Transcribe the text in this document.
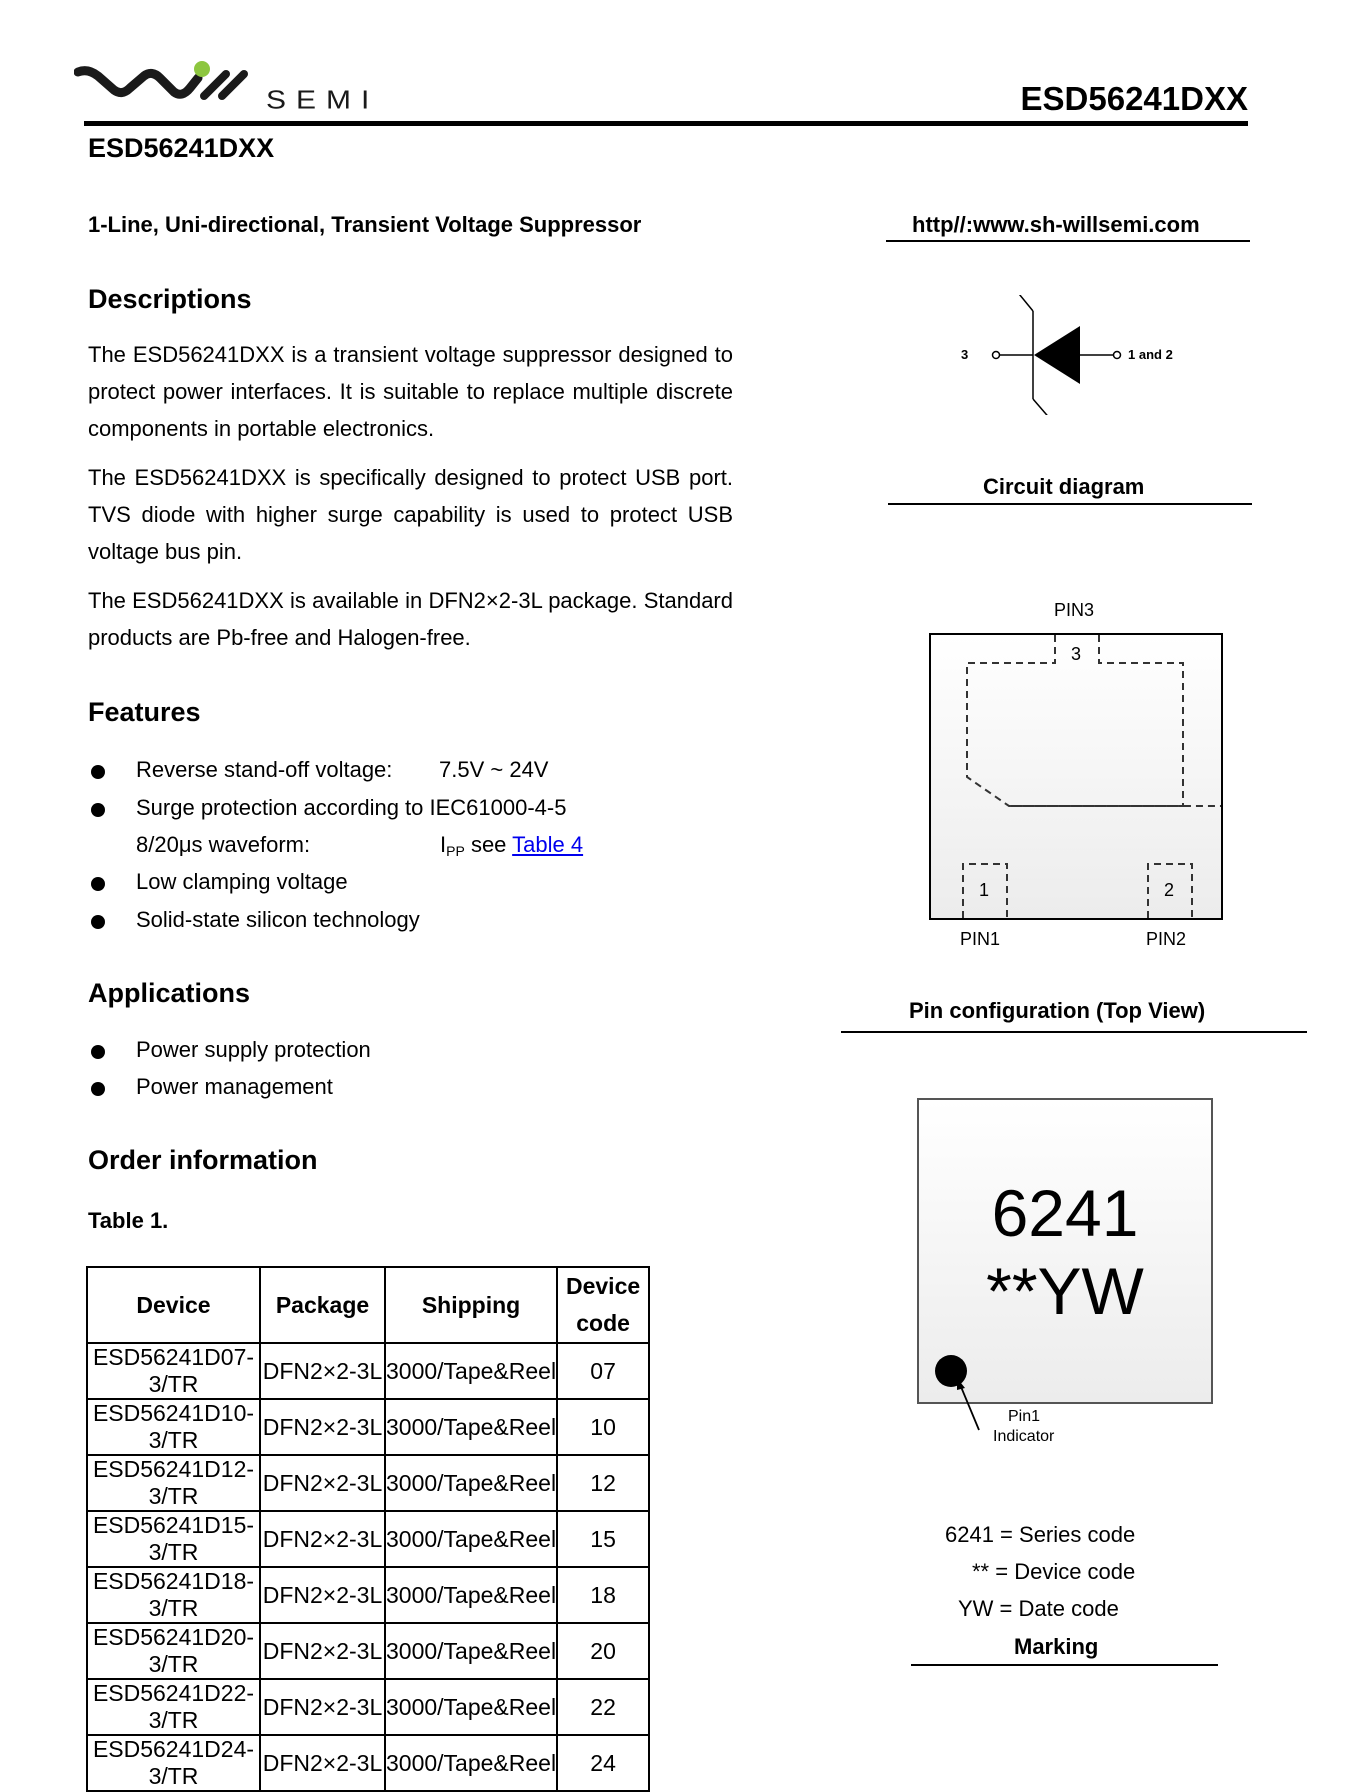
SEMI	ESD56241DXX
ESD56241DXX
1-Line, Uni-directional, Transient Voltage Suppressor
Descriptions
The ESD56241DXX is a transient voltage suppressor designed to protect power interfaces. It is suitable to replace multiple discrete components in portable electronics.
The ESD56241DXX is specifically designed to protect USB port. TVS diode with higher surge capability is used to protect USB voltage bus pin.
The ESD56241DXX is available in DFN2×2-3L package. Standard products are Pb-free and Halogen-free.
Features
Reverse stand-off voltage: 7.5V ~ 24V
Surge protection according to IEC61000-4-5
8/20μs waveform:	$I_{PP}$ see Table 4
Low clamping voltage
Solid-state silicon technology
Applications
Power supply protection
Power management
Order information
Table 1.
Device	Package	Shipping	Device
code
ESD56241D07-3/TR	DFN2×2-3L	3000/Tape&Reel	07
ESD56241D10-3/TR	DFN2×2-3L	3000/Tape&Reel	10
ESD56241D12-3/TR	DFN2×2-3L	3000/Tape&Reel	12
ESD56241D15-3/TR	DFN2×2-3L	3000/Tape&Reel	15
ESD56241D18-3/TR	DFN2×2-3L	3000/Tape&Reel	18
ESD56241D20-3/TR	DFN2×2-3L	3000/Tape&Reel	20
ESD56241D22-3/TR	DFN2×2-3L	3000/Tape&Reel	22
ESD56241D24-3/TR	DFN2×2-3L	3000/Tape&Reel	24
http//:www.sh-willsemi.com
3	1 and 2
Circuit diagram
PIN3
3
1	2
PIN1	PIN2
Pin configuration (Top View)
6241
**YW
Pin1
Indicator
6241 = Series code
** = Device code
YW = Date code
Marking
